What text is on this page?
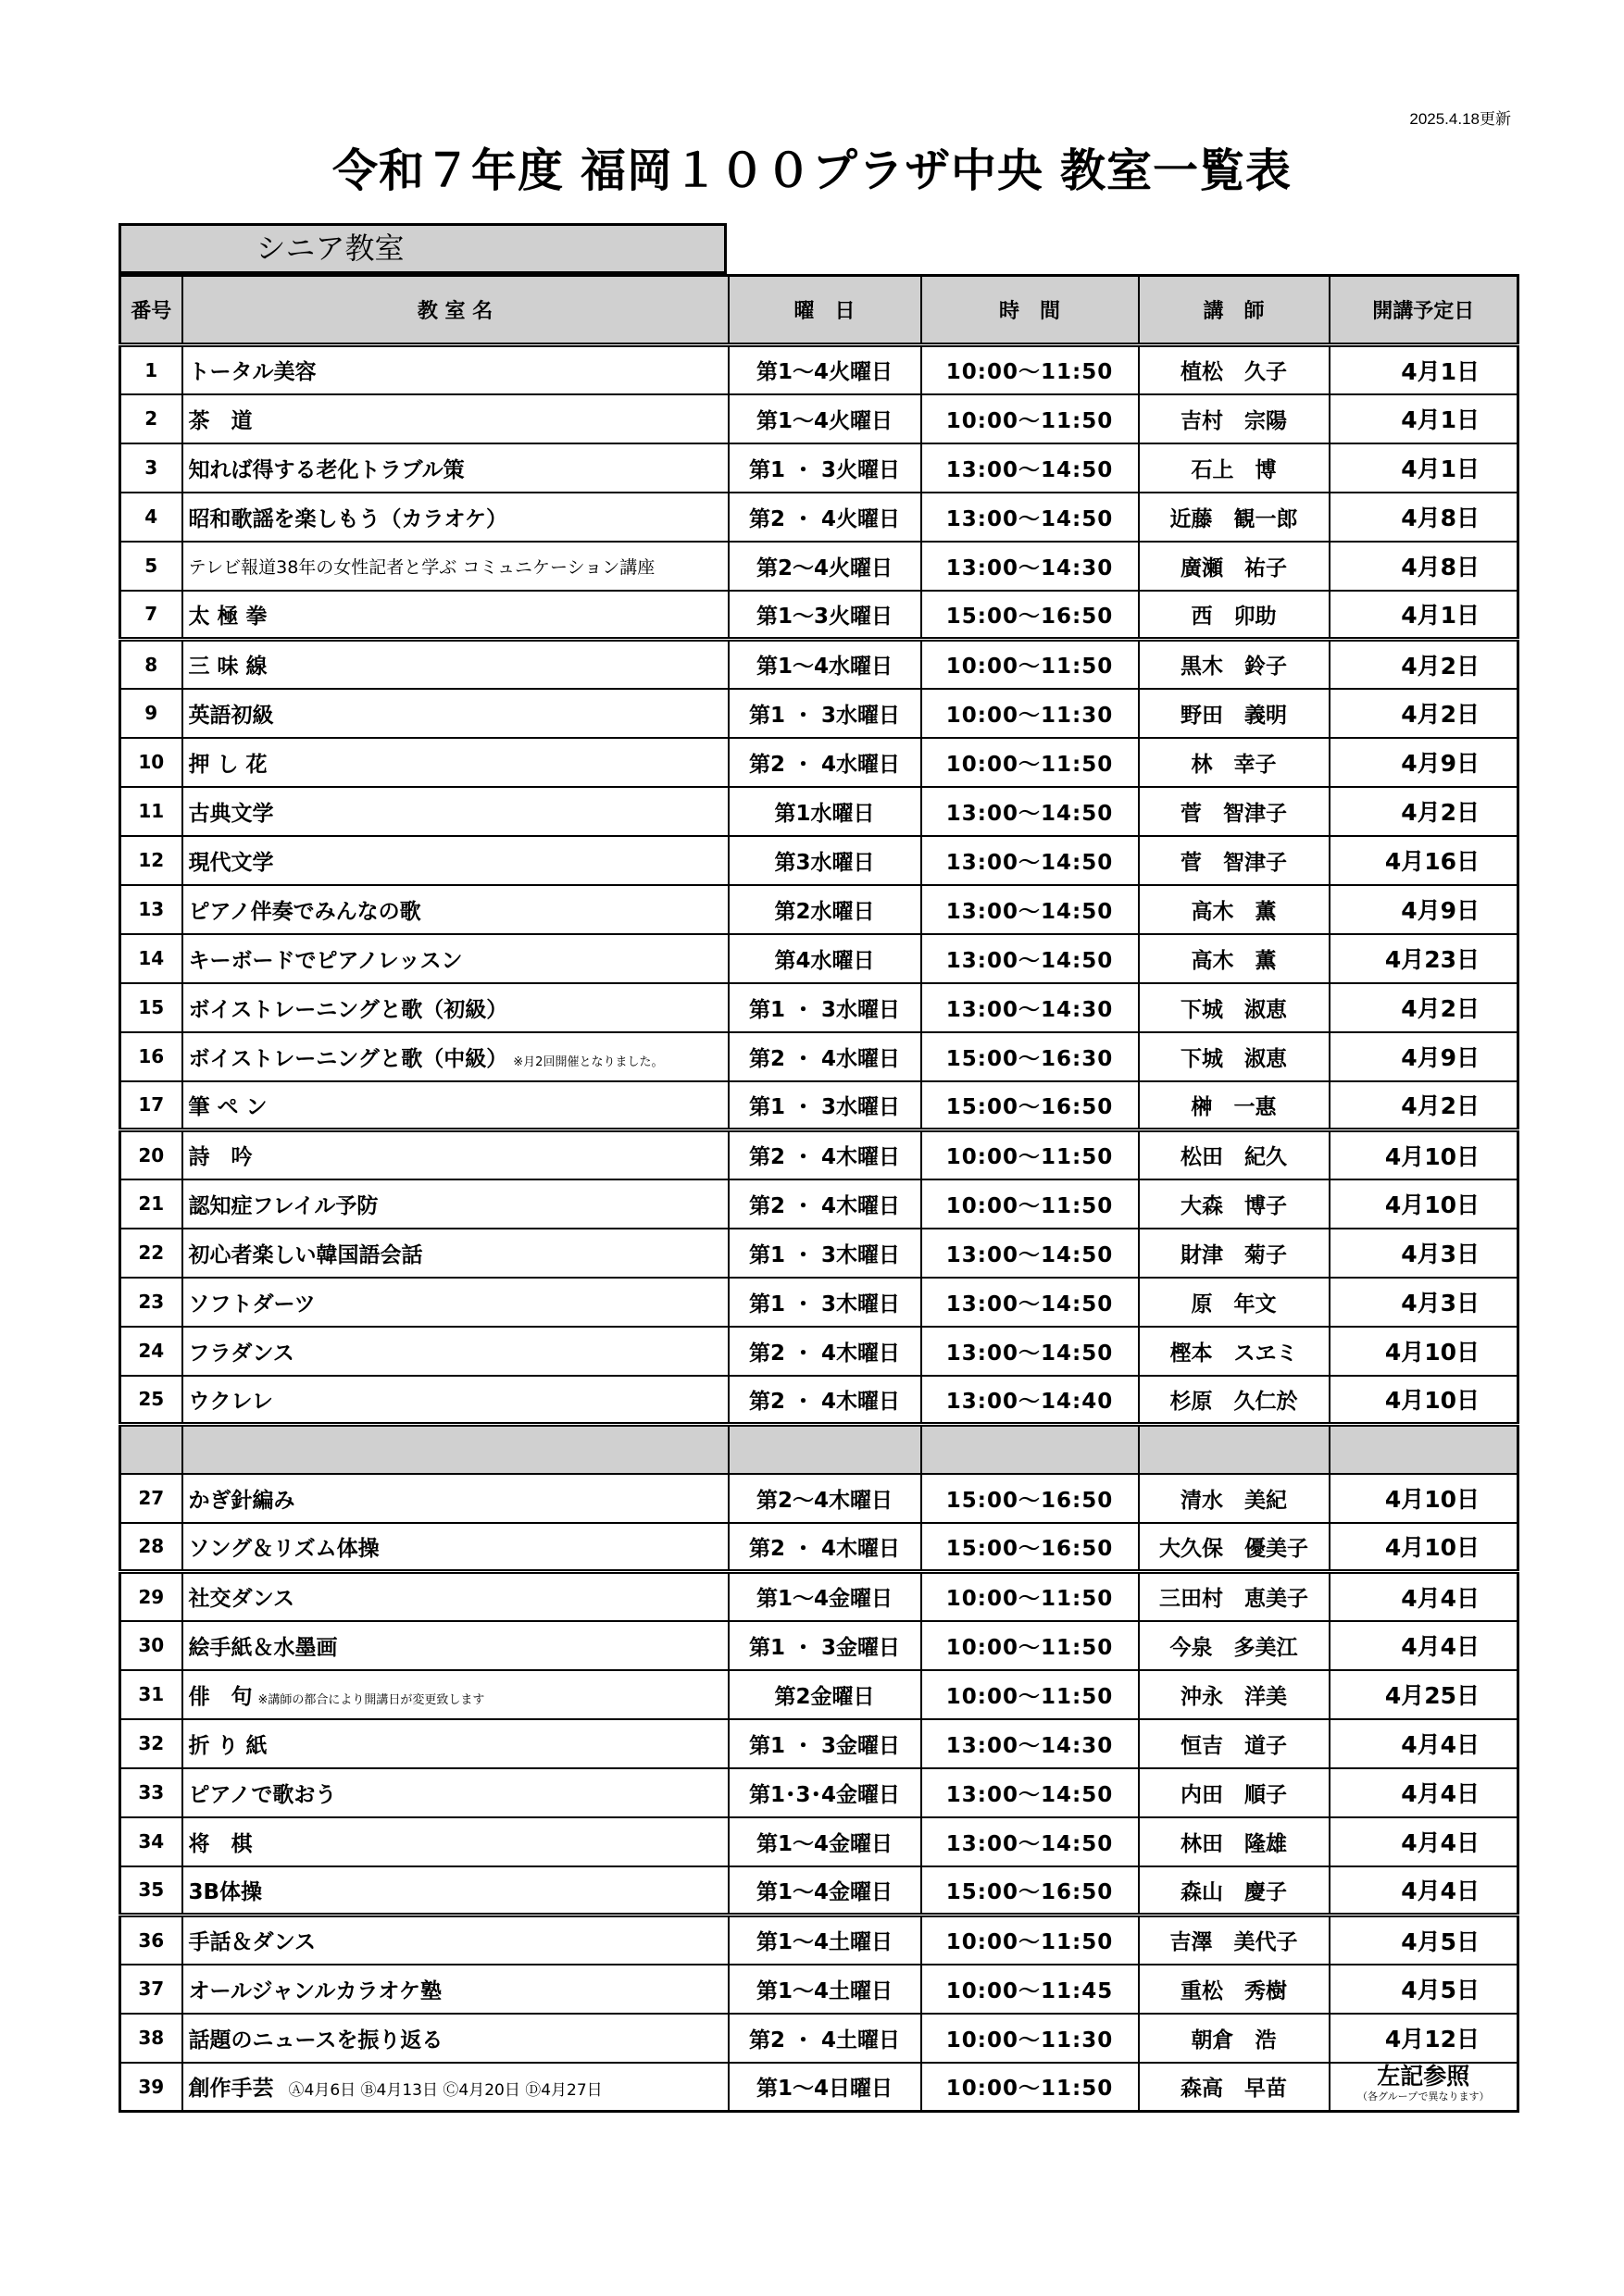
2025.4.18更新
令和７年度 福岡１００プラザ中央 教室一覧表
シニア教室
番号	教 室 名	曜　日	時　間	講　師	開講予定日
1	トータル美容	第1～4火曜日	10:00～11:50	植松　久子	4月1日
2	茶　道	第1～4火曜日	10:00～11:50	吉村　宗陽	4月1日
3	知れば得する老化トラブル策	第1 ・ 3火曜日	13:00～14:50	石上　博	4月1日
4	昭和歌謡を楽しもう（カラオケ）	第2 ・ 4火曜日	13:00～14:50	近藤　観一郎	4月8日
5	テレビ報道38年の女性記者と学ぶ コミュニケーション講座	第2～4火曜日	13:00～14:30	廣瀬　祐子	4月8日
7	太 極 拳	第1～3火曜日	15:00～16:50	西　卯助	4月1日
8	三 味 線	第1～4水曜日	10:00～11:50	黒木　鈴子	4月2日
9	英語初級	第1 ・ 3水曜日	10:00～11:30	野田　義明	4月2日
10	押 し 花	第2 ・ 4水曜日	10:00～11:50	林　幸子	4月9日
11	古典文学	第1水曜日	13:00～14:50	菅　智津子	4月2日
12	現代文学	第3水曜日	13:00～14:50	菅　智津子	4月16日
13	ピアノ伴奏でみんなの歌	第2水曜日	13:00～14:50	高木　薫	4月9日
14	キーボードでピアノレッスン	第4水曜日	13:00～14:50	高木　薫	4月23日
15	ボイストレーニングと歌（初級）	第1 ・ 3水曜日	13:00～14:30	下城　淑恵	4月2日
16	ボイストレーニングと歌（中級） ※月2回開催となりました。	第2 ・ 4水曜日	15:00～16:30	下城　淑恵	4月9日
17	筆 ペ ン	第1 ・ 3水曜日	15:00～16:50	榊　一惠	4月2日
20	詩　吟	第2 ・ 4木曜日	10:00～11:50	松田　紀久	4月10日
21	認知症フレイル予防	第2 ・ 4木曜日	10:00～11:50	大森　博子	4月10日
22	初心者楽しい韓国語会話	第1 ・ 3木曜日	13:00～14:50	財津　菊子	4月3日
23	ソフトダーツ	第1 ・ 3木曜日	13:00～14:50	原　年文	4月3日
24	フラダンス	第2 ・ 4木曜日	13:00～14:50	樫本　スヱミ	4月10日
25	ウクレレ	第2 ・ 4木曜日	13:00～14:40	杉原　久仁於	4月10日

27	かぎ針編み	第2～4木曜日	15:00～16:50	清水　美紀	4月10日
28	ソング＆リズム体操	第2 ・ 4木曜日	15:00～16:50	大久保　優美子	4月10日
29	社交ダンス	第1～4金曜日	10:00～11:50	三田村　恵美子	4月4日
30	絵手紙＆水墨画	第1 ・ 3金曜日	10:00～11:50	今泉　多美江	4月4日
31	俳　句 ※講師の都合により開講日が変更致します	第2金曜日	10:00～11:50	沖永　洋美	4月25日
32	折 り 紙	第1 ・ 3金曜日	13:00～14:30	恒吉　道子	4月4日
33	ピアノで歌おう	第1･3･4金曜日	13:00～14:50	内田　順子	4月4日
34	将　棋	第1～4金曜日	13:00～14:50	林田　隆雄	4月4日
35	3B体操	第1～4金曜日	15:00～16:50	森山　慶子	4月4日
36	手話＆ダンス	第1～4土曜日	10:00～11:50	吉澤　美代子	4月5日
37	オールジャンルカラオケ塾	第1～4土曜日	10:00～11:45	重松　秀樹	4月5日
38	話題のニュースを振り返る	第2 ・ 4土曜日	10:00～11:30	朝倉　浩	4月12日
39	創作手芸 Ⓐ4月6日 Ⓑ4月13日 Ⓒ4月20日 Ⓓ4月27日	第1～4日曜日	10:00～11:50	森高　早苗	左記参照
（各グループで異なります）
